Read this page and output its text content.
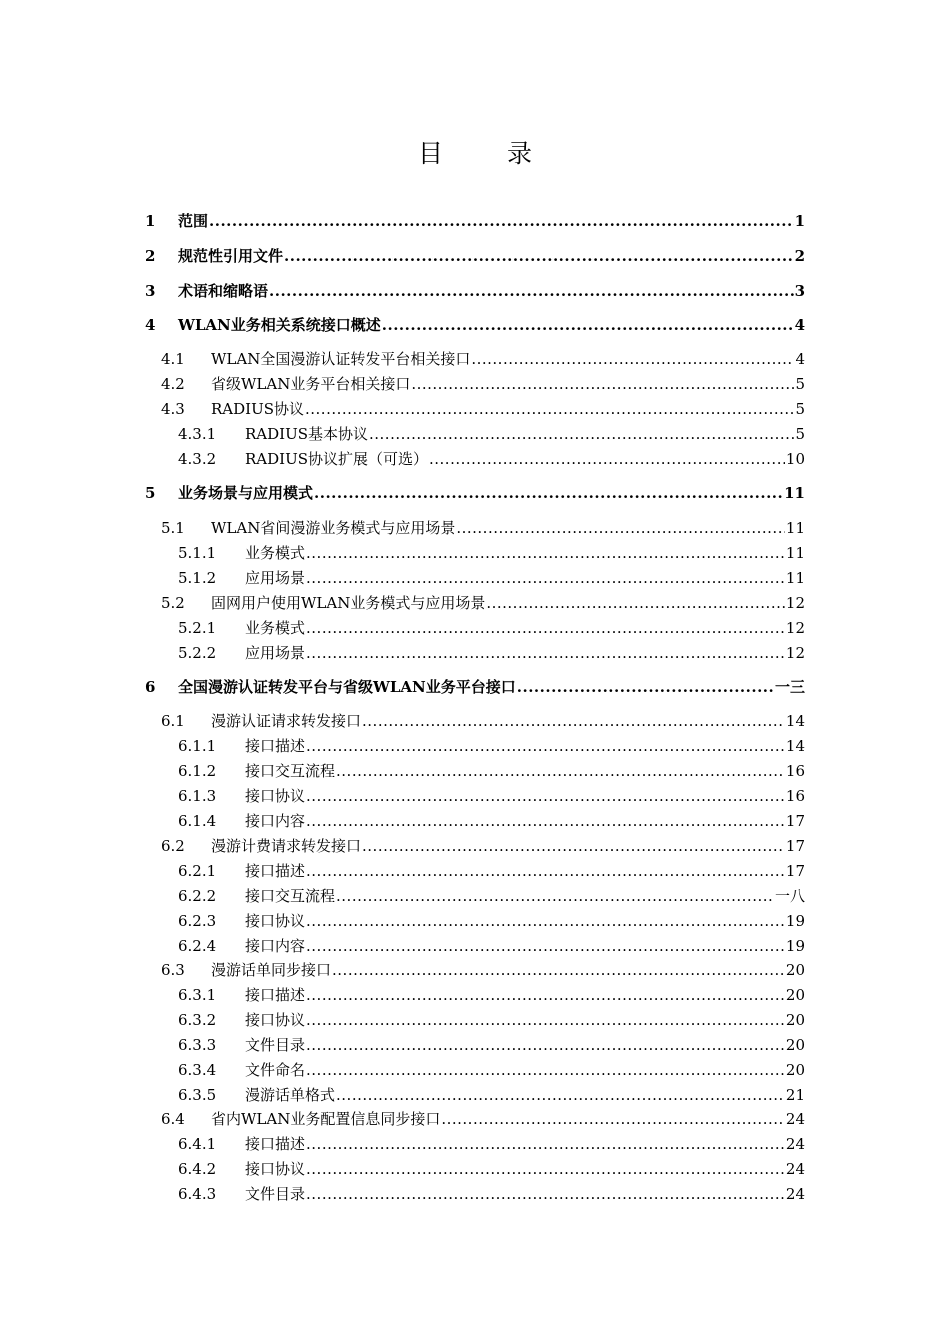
目 录
1	范围 .....	1
2	规范性引用文件 .....	2
3	术语和缩略语 .....	3
4	WLAN业务相关系统接口概述 .....	4
4.1	WLAN全国漫游认证转发平台相关接口 .....	4
4.2	省级WLAN业务平台相关接口 .....	5
4.3	RADIUS协议 .....	5
4.3.1	RADIUS基本协议 .....	5
4.3.2	RADIUS协议扩展（可选） .....	10
5	业务场景与应用模式 .....	11
5.1	WLAN省间漫游业务模式与应用场景 .....	11
5.1.1	业务模式 .....	11
5.1.2	应用场景 .....	11
5.2	固网用户使用WLAN业务模式与应用场景 .....	12
5.2.1	业务模式 .....	12
5.2.2	应用场景 .....	12
6	全国漫游认证转发平台与省级WLAN业务平台接口 .....	一三
6.1	漫游认证请求转发接口 .....	14
6.1.1	接口描述 .....	14
6.1.2	接口交互流程 .....	16
6.1.3	接口协议 .....	16
6.1.4	接口内容 .....	17
6.2	漫游计费请求转发接口 .....	17
6.2.1	接口描述 .....	17
6.2.2	接口交互流程 .....	一八
6.2.3	接口协议 .....	19
6.2.4	接口内容 .....	19
6.3	漫游话单同步接口 .....	20
6.3.1	接口描述 .....	20
6.3.2	接口协议 .....	20
6.3.3	文件目录 .....	20
6.3.4	文件命名 .....	20
6.3.5	漫游话单格式 .....	21
6.4	省内WLAN业务配置信息同步接口 .....	24
6.4.1	接口描述 .....	24
6.4.2	接口协议 .....	24
6.4.3	文件目录 .....	24
